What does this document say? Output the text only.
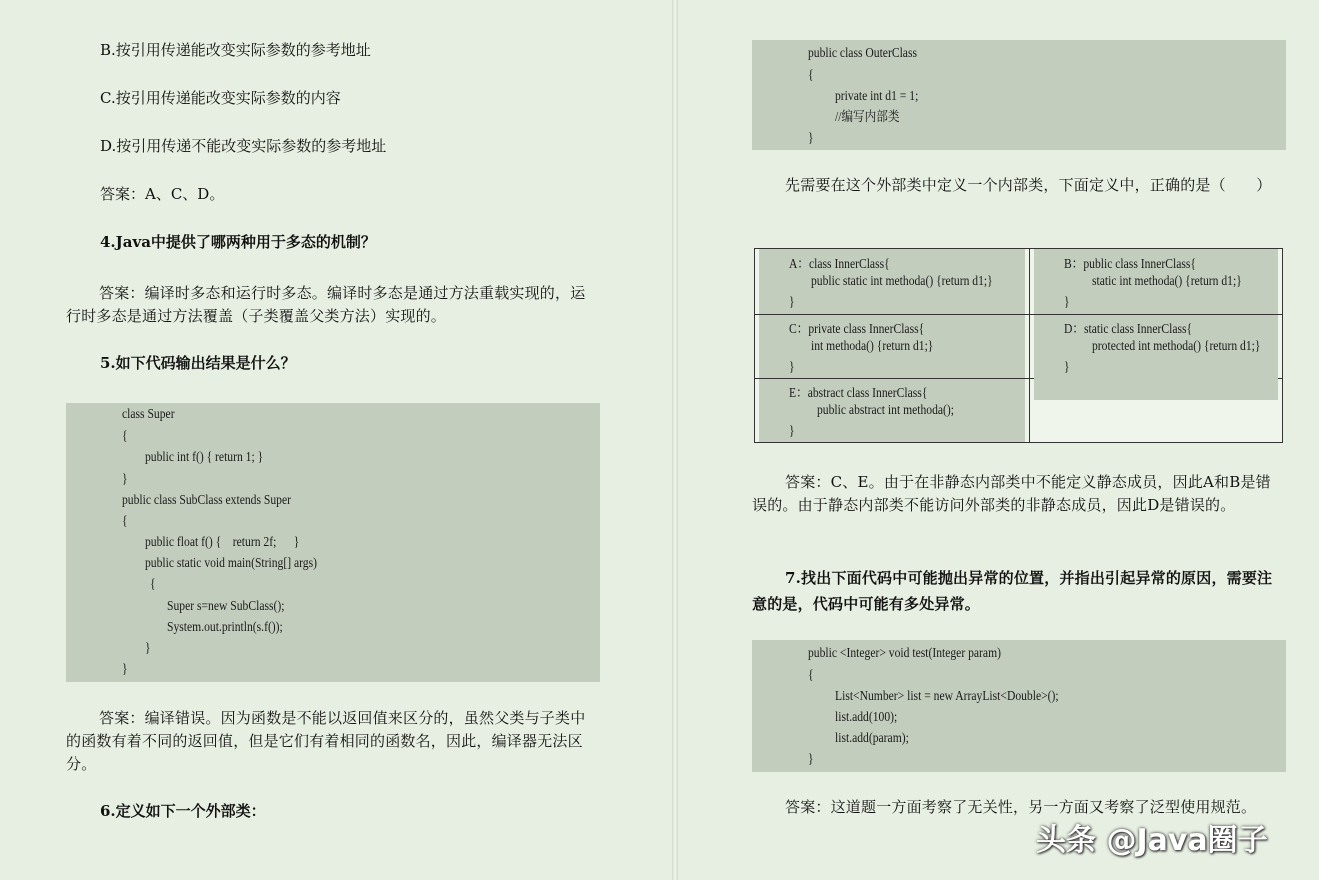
B.按引用传递能改变实际参数的参考地址
C.按引用传递能改变实际参数的内容
D.按引用传递不能改变实际参数的参考地址
答案：A、C、D。
4.Java中提供了哪两种用于多态的机制？
答案：编译时多态和运行时多态。编译时多态是通过方法重载实现的，运行时多态是通过方法覆盖（子类覆盖父类方法）实现的。
5.如下代码输出结果是什么？
class Super
{
public int f() { return 1; }
}
public class SubClass extends Super
{
public float f() {    return 2f;      }
public static void main(String[] args)
{
Super s=new SubClass();
System.out.println(s.f());
}
}
答案：编译错误。因为函数是不能以返回值来区分的，虽然父类与子类中的函数有着不同的返回值，但是它们有着相同的函数名，因此，编译器无法区分。
6.定义如下一个外部类：
public class OuterClass
{
private int d1 = 1;
//编写内部类
}
先需要在这个外部类中定义一个内部类，下面定义中，正确的是（　　）
A：class InnerClass{
public static int methoda() {return d1;}
}
B：public class InnerClass{
static int methoda() {return d1;}
}
C：private class InnerClass{
int methoda() {return d1;}
}
D：static class InnerClass{
protected int methoda() {return d1;}
}
E：abstract class InnerClass{
public abstract int methoda();
}
答案：C、E。由于在非静态内部类中不能定义静态成员，因此A和B是错误的。由于静态内部类不能访问外部类的非静态成员，因此D是错误的。
7.找出下面代码中可能抛出异常的位置，并指出引起异常的原因，需要注意的是，代码中可能有多处异常。
public <Integer> void test(Integer param)
{
List<Number> list = new ArrayList<Double>();
list.add(100);
list.add(param);
}
答案：这道题一方面考察了无关性，另一方面又考察了泛型使用规范。
头条 @Java圈子
